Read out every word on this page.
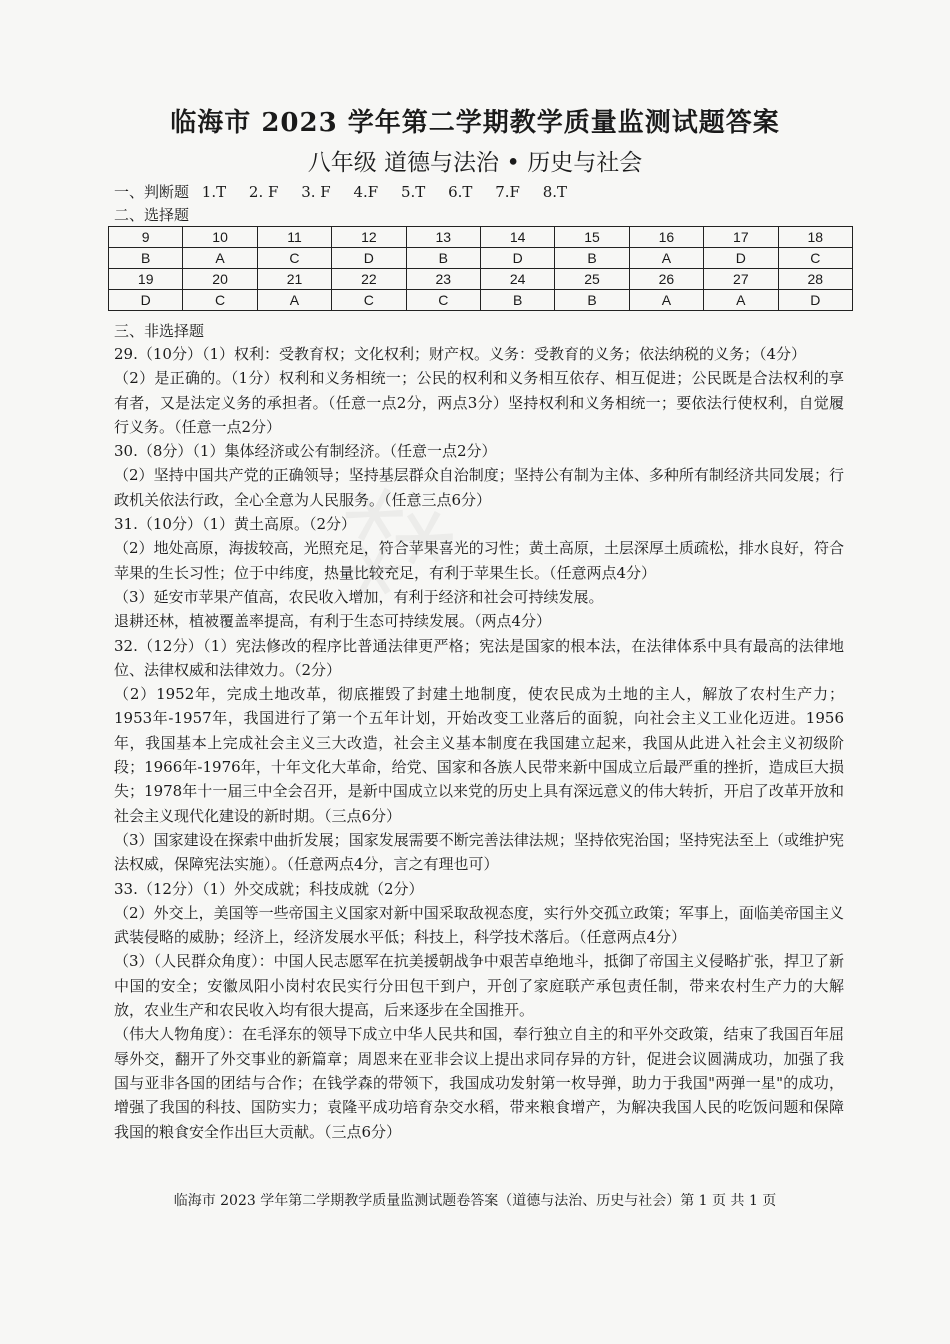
临海市 2023 学年第二学期教学质量监测试题答案
八年级 道德与法治 • 历史与社会
一、判断题 1.T 2. F 3. F 4.F 5.T 6.T 7.F 8.T
二、选择题
9	10	11	12	13	14	15	16	17	18
B	A	C	D	B	D	B	A	D	C
19	20	21	22	23	24	25	26	27	28
D	C	A	C	C	B	B	A	A	D
三、非选择题

29.（10分）（1）权利：受教育权；文化权利；财产权。义务：受教育的义务；依法纳税的义务；（4分）

（2）是正确的。（1分）权利和义务相统一；公民的权利和义务相互依存、相互促进；公民既是合法权利的享有者，又是法定义务的承担者。（任意一点2分，两点3分）坚持权利和义务相统一；要依法行使权利，自觉履行义务。（任意一点2分）

30.（8分）（1）集体经济或公有制经济。（任意一点2分）

（2）坚持中国共产党的正确领导；坚持基层群众自治制度；坚持公有制为主体、多种所有制经济共同发展；行政机关依法行政，全心全意为人民服务。（任意三点6分）

31.（10分）（1）黄土高原。（2分）

（2）地处高原，海拔较高，光照充足，符合苹果喜光的习性；黄土高原，土层深厚土质疏松，排水良好，符合苹果的生长习性；位于中纬度，热量比较充足，有利于苹果生长。（任意两点4分）

（3）延安市苹果产值高，农民收入增加，有利于经济和社会可持续发展。

退耕还林，植被覆盖率提高，有利于生态可持续发展。（两点4分）

32.（12分）（1）宪法修改的程序比普通法律更严格；宪法是国家的根本法，在法律体系中具有最高的法律地位、法律权威和法律效力。（2分）

（2）1952年，完成土地改革，彻底摧毁了封建土地制度，使农民成为土地的主人，解放了农村生产力；1953年-1957年，我国进行了第一个五年计划，开始改变工业落后的面貌，向社会主义工业化迈进。1956年，我国基本上完成社会主义三大改造，社会主义基本制度在我国建立起来，我国从此进入社会主义初级阶段；1966年-1976年，十年文化大革命，给党、国家和各族人民带来新中国成立后最严重的挫折，造成巨大损失；1978年十一届三中全会召开，是新中国成立以来党的历史上具有深远意义的伟大转折，开启了改革开放和社会主义现代化建设的新时期。（三点6分）

（3）国家建设在探索中曲折发展；国家发展需要不断完善法律法规；坚持依宪治国；坚持宪法至上（或维护宪法权威，保障宪法实施）。（任意两点4分，言之有理也可）

33.（12分）（1）外交成就；科技成就（2分）

（2）外交上，美国等一些帝国主义国家对新中国采取敌视态度，实行外交孤立政策；军事上，面临美帝国主义武装侵略的威胁；经济上，经济发展水平低；科技上，科学技术落后。（任意两点4分）

（3）（人民群众角度）：中国人民志愿军在抗美援朝战争中艰苦卓绝地斗，抵御了帝国主义侵略扩张，捍卫了新中国的安全；安徽凤阳小岗村农民实行分田包干到户，开创了家庭联产承包责任制，带来农村生产力的大解放，农业生产和农民收入均有很大提高，后来逐步在全国推开。

（伟大人物角度）：在毛泽东的领导下成立中华人民共和国，奉行独立自主的和平外交政策，结束了我国百年屈辱外交，翻开了外交事业的新篇章；周恩来在亚非会议上提出求同存异的方针，促进会议圆满成功，加强了我国与亚非各国的团结与合作；在钱学森的带领下，我国成功发射第一枚导弹，助力于我国"两弹一星"的成功，增强了我国的科技、国防实力；袁隆平成功培育杂交水稻，带来粮食增产，为解决我国人民的吃饭问题和保障我国的粮食安全作出巨大贡献。（三点6分）

临海市 2023 学年第二学期教学质量监测试题卷答案（道德与法治、历史与社会）第 1 页 共 1 页
